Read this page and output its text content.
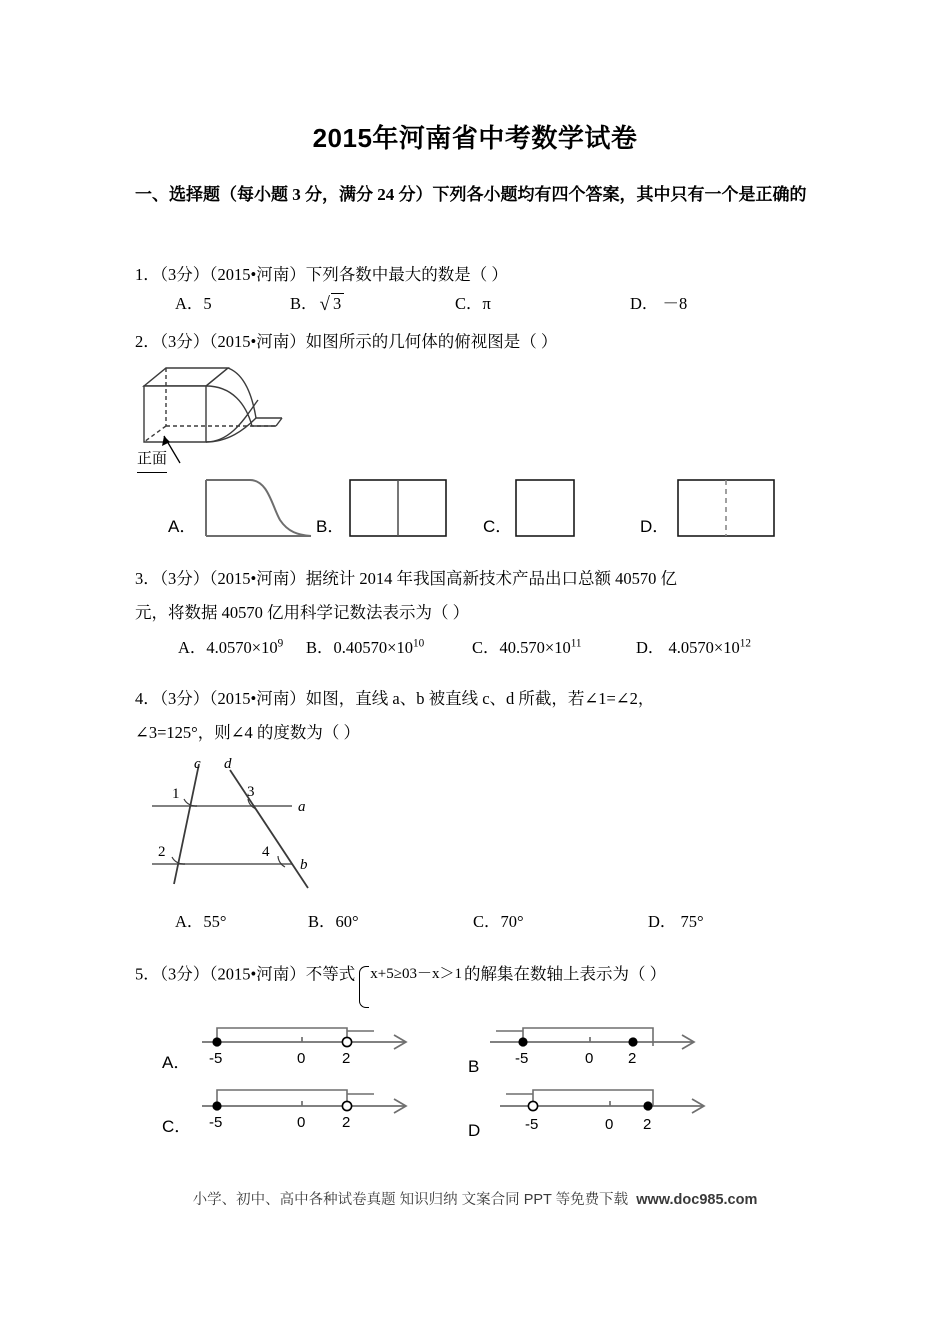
2015年河南省中考数学试卷
一、选择题（每小题 3 分，满分 24 分）下列各小题均有四个答案，其中只有一个是正确的
1．（3分）（2015•河南）下列各数中最大的数是（ ）
A．5	B． √ 3	C．π	D． －8
2．（3分）（2015•河南）如图所示的几何体的俯视图是（ ）
正面
A．	B．	C．	D．
3．（3分）（2015•河南）据统计 2014 年我国高新技术产品出口总额 40570 亿
元，将数据 40570 亿用科学记数法表示为（ ）
A．$4.0570\times 10^9$ B．$0.40570\times 10^{10}$	C．$40.570\times 10^{11}$	D． $4.0570\times 10^{12}$
4．（3分）（2015•河南）如图，直线 a、b 被直线 c、d 所截，若∠1=∠2，
∠3=125°，则∠4 的度数为（ ）
c d
a
b
1
2
3
4
A．55°	B．60°	C．70°	D． 75°
5．（3分）（2015•河南）不等式 x+5≥03－x＞1 的解集在数轴上表示为（ ）
A． -5	0 2	B -5	0 2
C． -5	0 2	D	-5	0 2
小学、初中、高中各种试卷真题 知识归纳 文案合同 PPT 等免费下载 www.doc985.com
